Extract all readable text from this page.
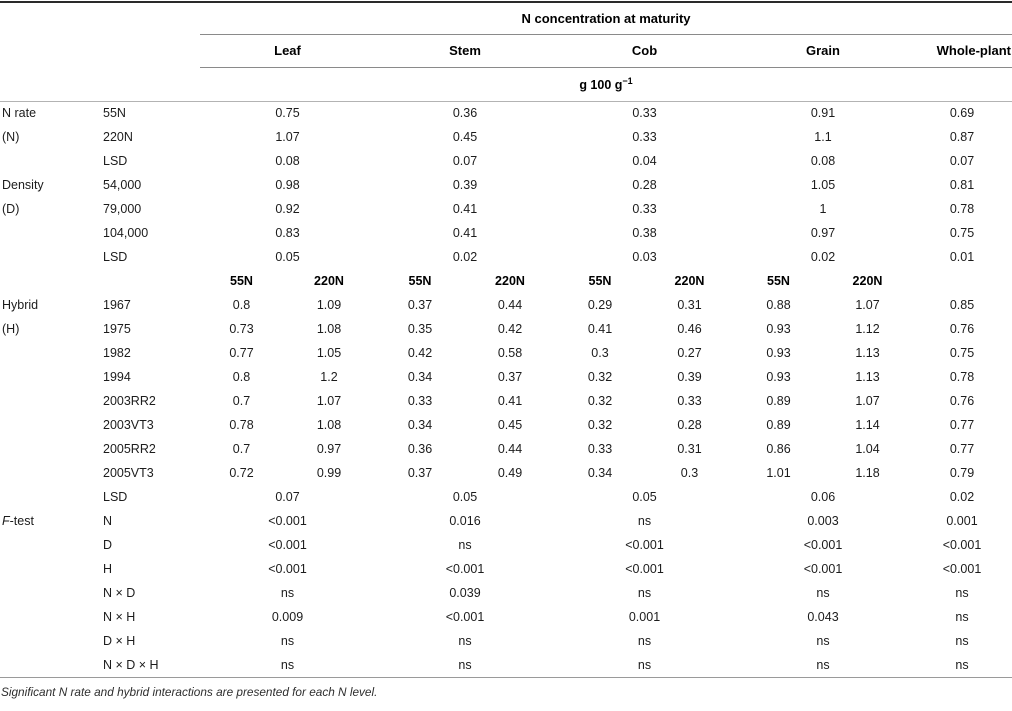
		N concentration at maturity								
		Leaf		Stem		Cob		Grain		Whole-plant
		g 100 $g^{-1}$
N rate	55N	0.75		0.36		0.33		0.91		0.69
(N)	220N	1.07		0.45		0.33		1.1		0.87
	LSD	0.08		0.07		0.04		0.08		0.07
Density	54,000	0.98		0.39		0.28		1.05		0.81
(D)	79,000	0.92		0.41		0.33		1		0.78
	104,000	0.83		0.41		0.38		0.97		0.75
	LSD	0.05		0.02		0.03		0.02		0.01
		55N	220N	55N	220N	55N	220N	55N	220N	
Hybrid	1967	0.8	1.09	0.37	0.44	0.29	0.31	0.88	1.07	0.85
(H)	1975	0.73	1.08	0.35	0.42	0.41	0.46	0.93	1.12	0.76
	1982	0.77	1.05	0.42	0.58	0.3	0.27	0.93	1.13	0.75
	1994	0.8	1.2	0.34	0.37	0.32	0.39	0.93	1.13	0.78
	2003RR2	0.7	1.07	0.33	0.41	0.32	0.33	0.89	1.07	0.76
	2003VT3	0.78	1.08	0.34	0.45	0.32	0.28	0.89	1.14	0.77
	2005RR2	0.7	0.97	0.36	0.44	0.33	0.31	0.86	1.04	0.77
	2005VT3	0.72	0.99	0.37	0.49	0.34	0.3	1.01	1.18	0.79
	LSD	0.07		0.05		0.05		0.06		0.02
F-test	N	<0.001		0.016		ns		0.003		0.001
	D	<0.001		ns		<0.001		<0.001		<0.001
	H	<0.001		<0.001		<0.001		<0.001		<0.001
	N × D	ns		0.039		ns		ns		ns
	N × H	0.009		<0.001		0.001		0.043		ns
	D × H	ns		ns		ns		ns		ns
	N × D × H	ns		ns		ns		ns		ns
Significant N rate and hybrid interactions are presented for each N level.
